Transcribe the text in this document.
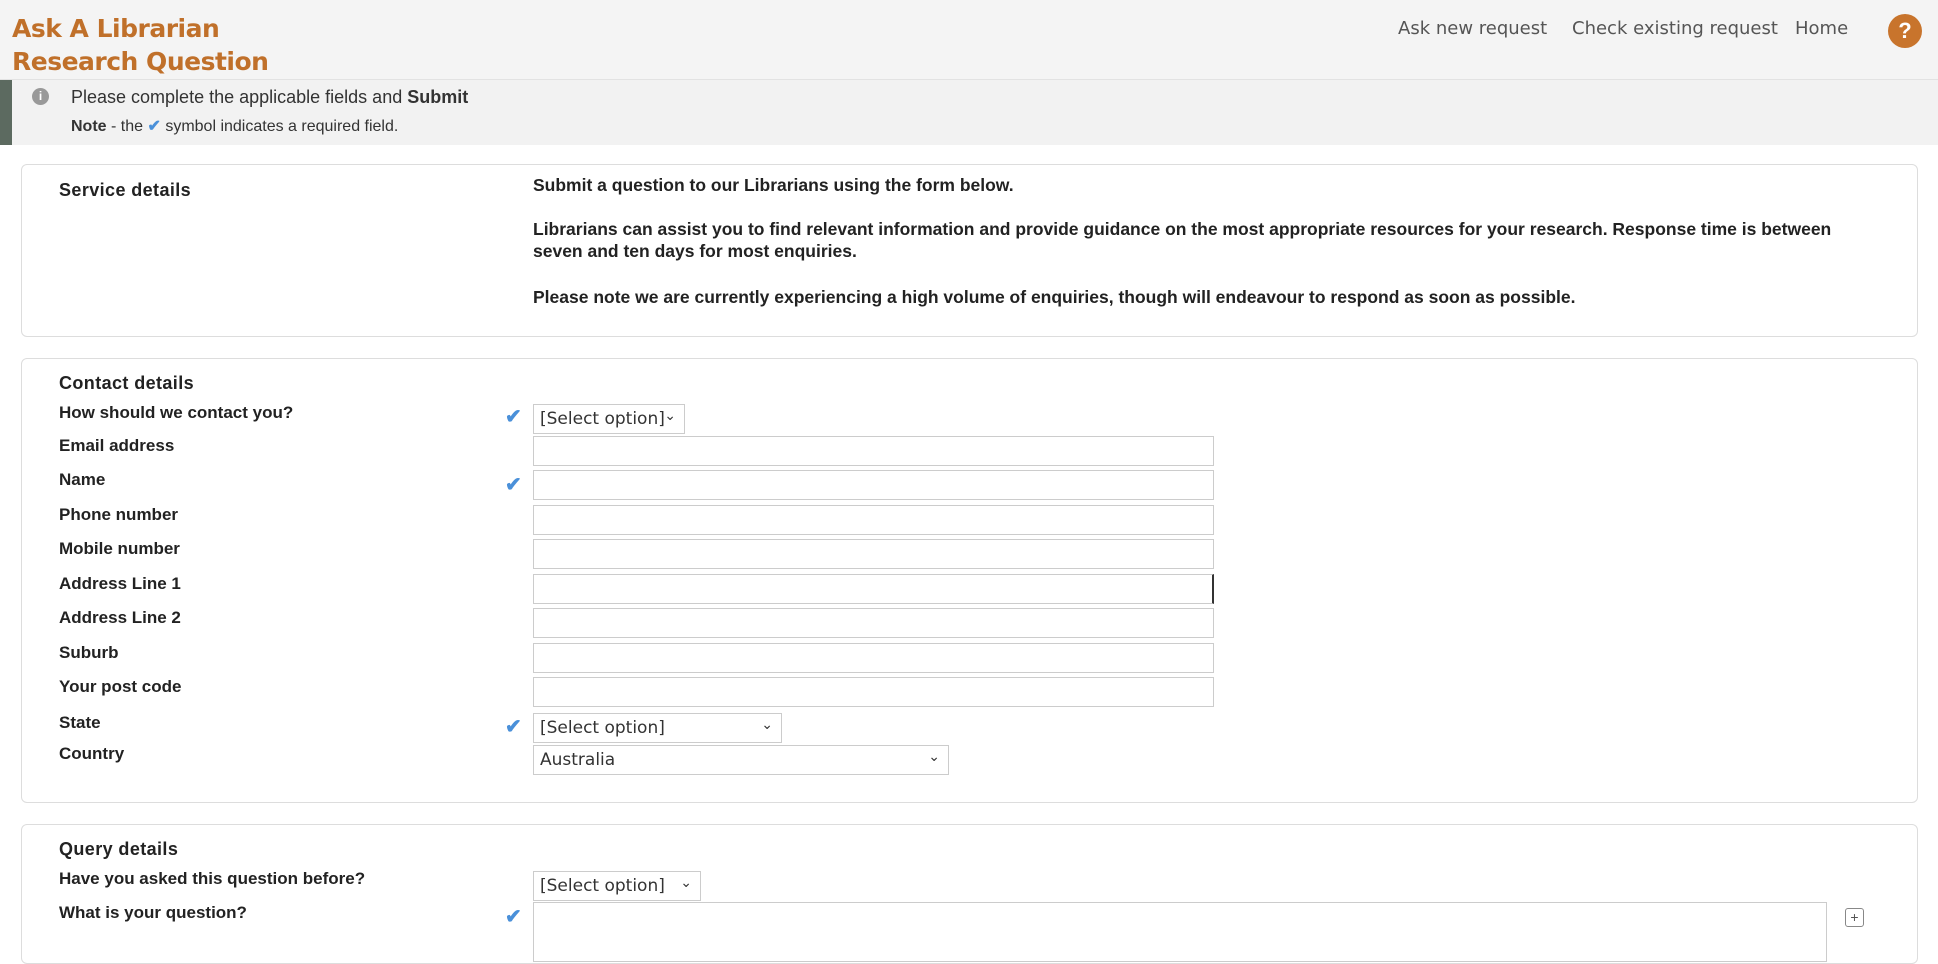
Ask A Librarian Research Question
Ask new request Check existing request Home	?
i	Please complete the applicable fields and Submit
Note - the ✔ symbol indicates a required field.
Service details	Submit a question to our Librarians using the form below.
Librarians can assist you to find relevant information and provide guidance on the most appropriate resources for your research. Response time is between seven and ten days for most enquiries.
Please note we are currently experiencing a high volume of enquiries, though will endeavour to respond as soon as possible.
Contact details
How should we contact you?	✔	[Select option] ⌄
Email address
Name	✔
Phone number
Mobile number
Address Line 1
Address Line 2
Suburb
Your post code
State	✔	[Select option]	⌄
Country	Australia	⌄
Query details
Have you asked this question before?	[Select option] ⌄
What is your question?	✔	+
